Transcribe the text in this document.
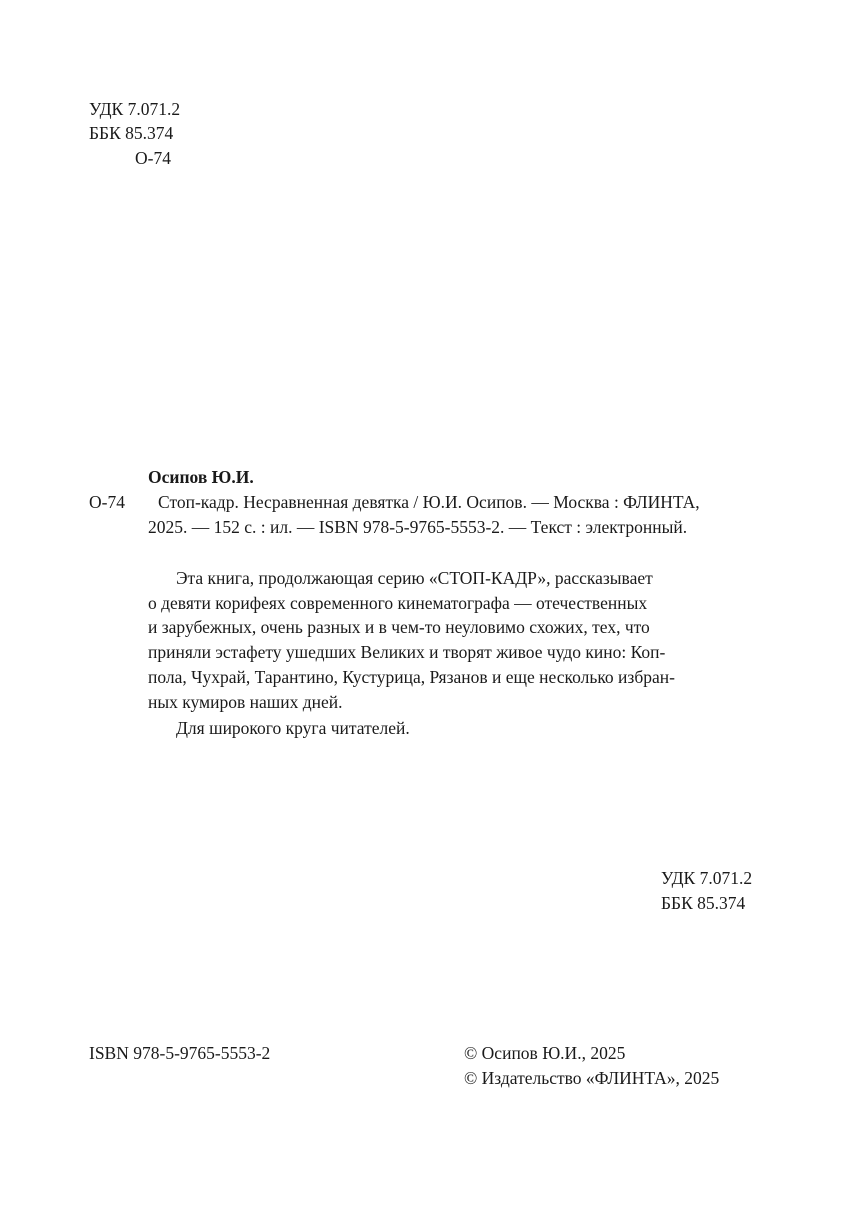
УДК 7.071.2
ББК 85.374
О-74
Осипов Ю.И.
О-74 Стоп-кадр. Несравненная девятка / Ю.И. Осипов. — Москва : ФЛИНТА,
2025. — 152 с. : ил. — ISBN 978-5-9765-5553-2. — Текст : электронный.
Эта книга, продолжающая серию «СТОП-КАДР», рассказывает
о девяти корифеях современного кинематографа — отечественных
и зарубежных, очень разных и в чем-то неуловимо схожих, тех, что
приняли эстафету ушедших Великих и творят живое чудо кино: Коп-
пола, Чухрай, Тарантино, Кустурица, Рязанов и еще несколько избран-
ных кумиров наших дней.
Для широкого круга читателей.
УДК 7.071.2
ББК 85.374
ISBN 978-5-9765-5553-2	© Осипов Ю.И., 2025
© Издательство «ФЛИНТА», 2025
